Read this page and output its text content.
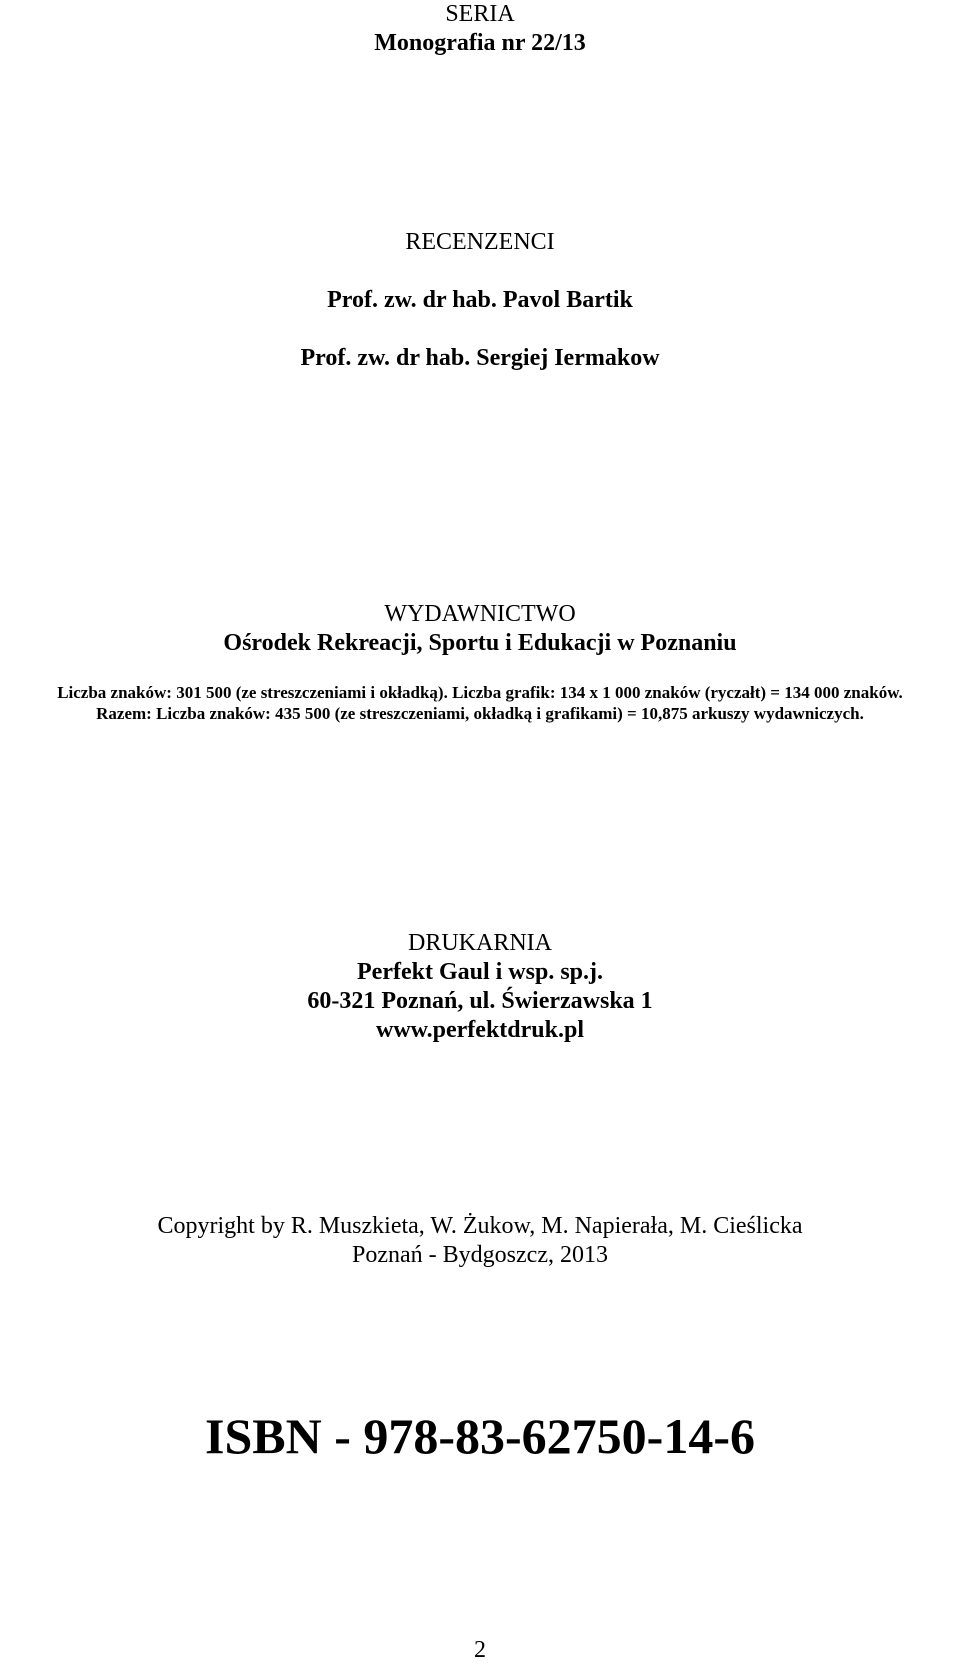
SERIA
Monografia nr 22/13
RECENZENCI
Prof. zw. dr hab. Pavol Bartik
Prof. zw. dr hab. Sergiej Iermakow
WYDAWNICTWO
Ośrodek Rekreacji, Sportu i Edukacji w Poznaniu
Liczba znaków: 301 500 (ze streszczeniami i okładką). Liczba grafik: 134 x 1 000 znaków (ryczałt) = 134 000 znaków.
Razem: Liczba znaków: 435 500 (ze streszczeniami, okładką i grafikami) = 10,875 arkuszy wydawniczych.
DRUKARNIA
Perfekt Gaul i wsp. sp.j.
60-321 Poznań, ul. Świerzawska 1
www.perfektdruk.pl
Copyright by R. Muszkieta, W. Żukow, M. Napierała, M. Cieślicka
Poznań - Bydgoszcz, 2013
ISBN - 978-83-62750-14-6
2
